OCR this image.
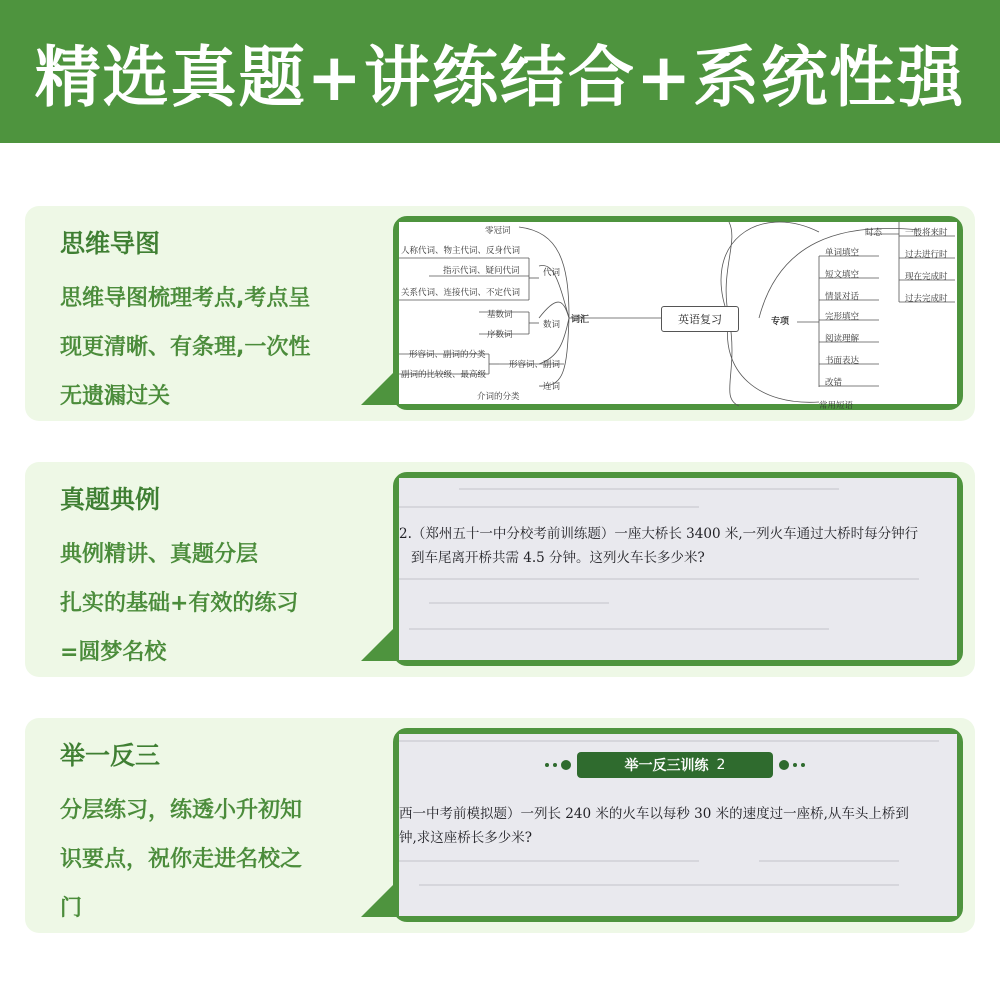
精选真题+讲练结合+系统性强
思维导图
思维导图梳理考点,考点呈
现更清晰、有条理,一次性
无遗漏过关
零冠词
人称代词、物主代词、反身代词
指示代词、疑问代词	代词
关系代词、连接代词、不定代词
基数词
数词
序数词
形容词、副词的分类
形容词、副词
副词的比较级、最高级
连词
介词的分类
词汇	英语复习	专项
单词填空
短文填空
情景对话
完形填空
阅读理解
书面表达
改错
时态	一般将来时
过去进行时
现在完成时
过去完成时
常用短语
真题典例
典例精讲、真题分层
扎实的基础+有效的练习
=圆梦名校
2.（郑州五十一中分校考前训练题）一座大桥长 3400 米,一列火车通过大桥时每分钟行
到车尾离开桥共需 4.5 分钟。这列火车长多少米?
举一反三
分层练习，练透小升初知
识要点，祝你走进名校之
门
举一反三训练 2
西一中考前模拟题）一列长 240 米的火车以每秒 30 米的速度过一座桥,从车头上桥到
钟,求这座桥长多少米?
